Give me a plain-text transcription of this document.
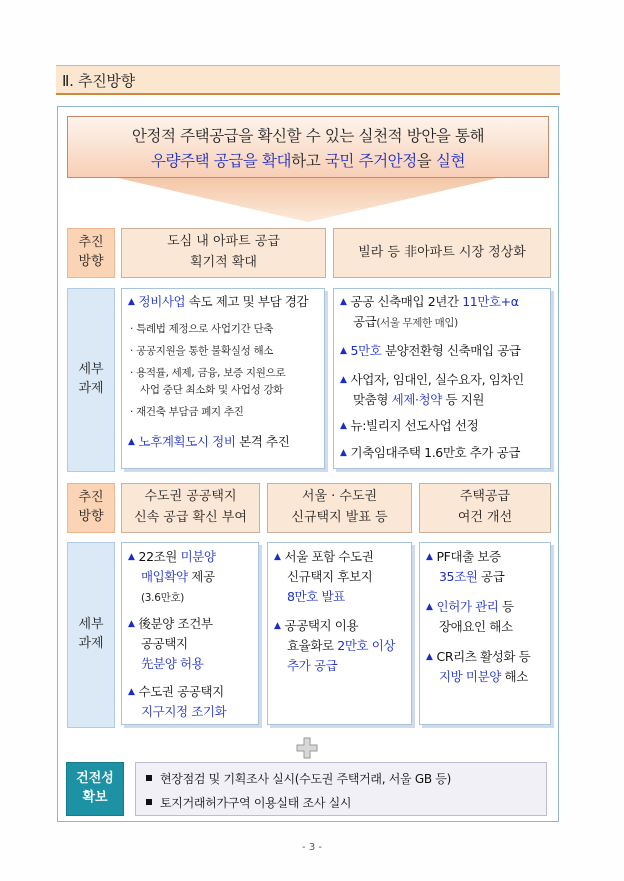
Ⅱ. 추진방향
안정적 주택공급을 확신할 수 있는 실천적 방안을 통해
우량주택 공급을 확대하고 국민 주거안정을 실현
추진
방향
도심 내 아파트 공급
획기적 확대
빌라 등 非아파트 시장 정상화
세부
과제
▲ 정비사업 속도 제고 및 부담 경감
· 특례법 제정으로 사업기간 단축
· 공공지원을 통한 불확실성 해소
· 용적률, 세제, 금융, 보증 지원으로
사업 중단 최소화 및 사업성 강화
· 재건축 부담금 폐지 추진
▲ 노후계획도시 정비 본격 추진
▲ 공공 신축매입 2년간 11만호+α
공급(서울 무제한 매입)
▲ 5만호 분양전환형 신축매입 공급
▲ 사업자, 임대인, 실수요자, 임차인
맞춤형 세제·청약 등 지원
▲ 뉴:빌리지 선도사업 선정
▲ 기축임대주택 1.6만호 추가 공급
추진
방향
수도권 공공택지
신속 공급 확신 부여
서울 · 수도권
신규택지 발표 등
주택공급
여건 개선
세부
과제
▲ 22조원 미분양
매입확약 제공
(3.6만호)
▲ 後분양 조건부
공공택지
先분양 허용
▲ 수도권 공공택지
지구지정 조기화
▲ 서울 포함 수도권
신규택지 후보지
8만호 발표
▲ 공공택지 이용
효율화로 2만호 이상
추가 공급
▲ PF대출 보증
35조원 공급
▲ 인허가 관리 등
장애요인 해소
▲ CR리츠 활성화 등
지방 미분양 해소
건전성
확보
현장점검 및 기획조사 실시(수도권 주택거래, 서울 GB 등)
토지거래허가구역 이용실태 조사 실시
- 3 -
